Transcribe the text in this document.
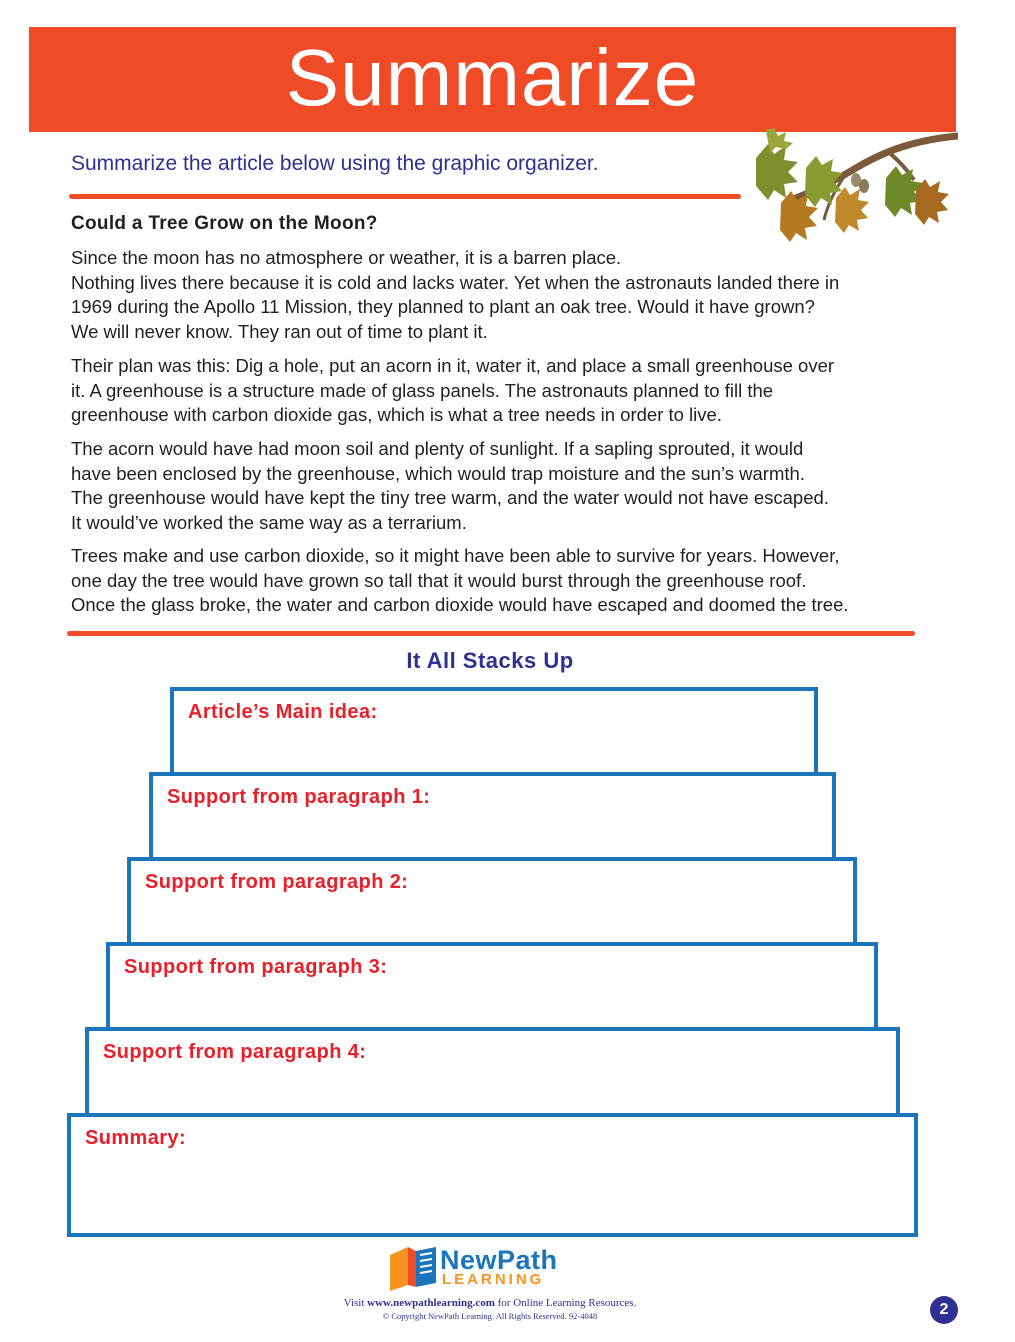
Summarize
Summarize the article below using the graphic organizer.
Could a Tree Grow on the Moon?

Since the moon has no atmosphere or weather, it is a barren place.
Nothing lives there because it is cold and lacks water. Yet when the astronauts landed there in
1969 during the Apollo 11 Mission, they planned to plant an oak tree. Would it have grown?
We will never know. They ran out of time to plant it.

Their plan was this: Dig a hole, put an acorn in it, water it, and place a small greenhouse over
it. A greenhouse is a structure made of glass panels. The astronauts planned to fill the
greenhouse with carbon dioxide gas, which is what a tree needs in order to live.

The acorn would have had moon soil and plenty of sunlight. If a sapling sprouted, it would
have been enclosed by the greenhouse, which would trap moisture and the sun’s warmth.
The greenhouse would have kept the tiny tree warm, and the water would not have escaped.
It would’ve worked the same way as a terrarium.

Trees make and use carbon dioxide, so it might have been able to survive for years. However,
one day the tree would have grown so tall that it would burst through the greenhouse roof.
Once the glass broke, the water and carbon dioxide would have escaped and doomed the tree.

It All Stacks Up
Article’s Main idea:
Support from paragraph 1:
Support from paragraph 2:
Support from paragraph 3:
Support from paragraph 4:
Summary:
NewPath
LEARNING
Visit www.newpathlearning.com for Online Learning Resources.
© Copyright NewPath Learning. All Rights Reserved. 92-4048	2
